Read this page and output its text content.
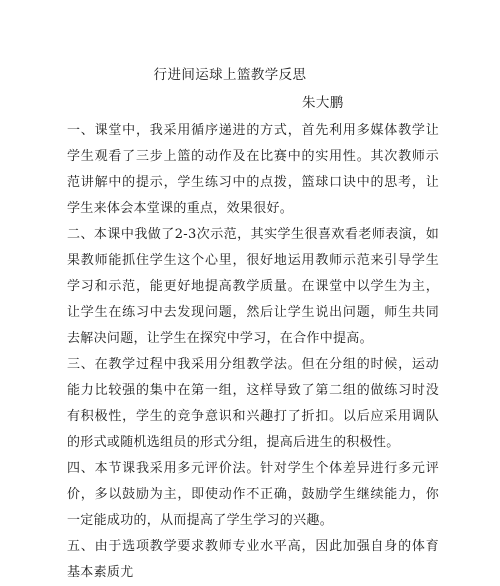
行进间运球上篮教学反思
朱大鹏

一、课堂中，我采用循序递进的方式，首先利用多媒体教学让学生观看了三步上篮的动作及在比赛中的实用性。其次教师示范讲解中的提示，学生练习中的点拨，篮球口诀中的思考，让学生来体会本堂课的重点，效果很好。

二、本课中我做了2-3次示范，其实学生很喜欢看老师表演，如果教师能抓住学生这个心里，很好地运用教师示范来引导学生学习和示范，能更好地提高教学质量。在课堂中以学生为主，让学生在练习中去发现问题，然后让学生说出问题，师生共同去解决问题，让学生在探究中学习，在合作中提高。

三、在教学过程中我采用分组教学法。但在分组的时候，运动能力比较强的集中在第一组，这样导致了第二组的做练习时没有积极性，学生的竞争意识和兴趣打了折扣。以后应采用调队的形式或随机选组员的形式分组，提高后进生的积极性。

四、本节课我采用多元评价法。针对学生个体差异进行多元评价，多以鼓励为主，即使动作不正确，鼓励学生继续能力，你一定能成功的，从而提高了学生学习的兴趣。

五、由于选项教学要求教师专业水平高，因此加强自身的体育基本素质尤
